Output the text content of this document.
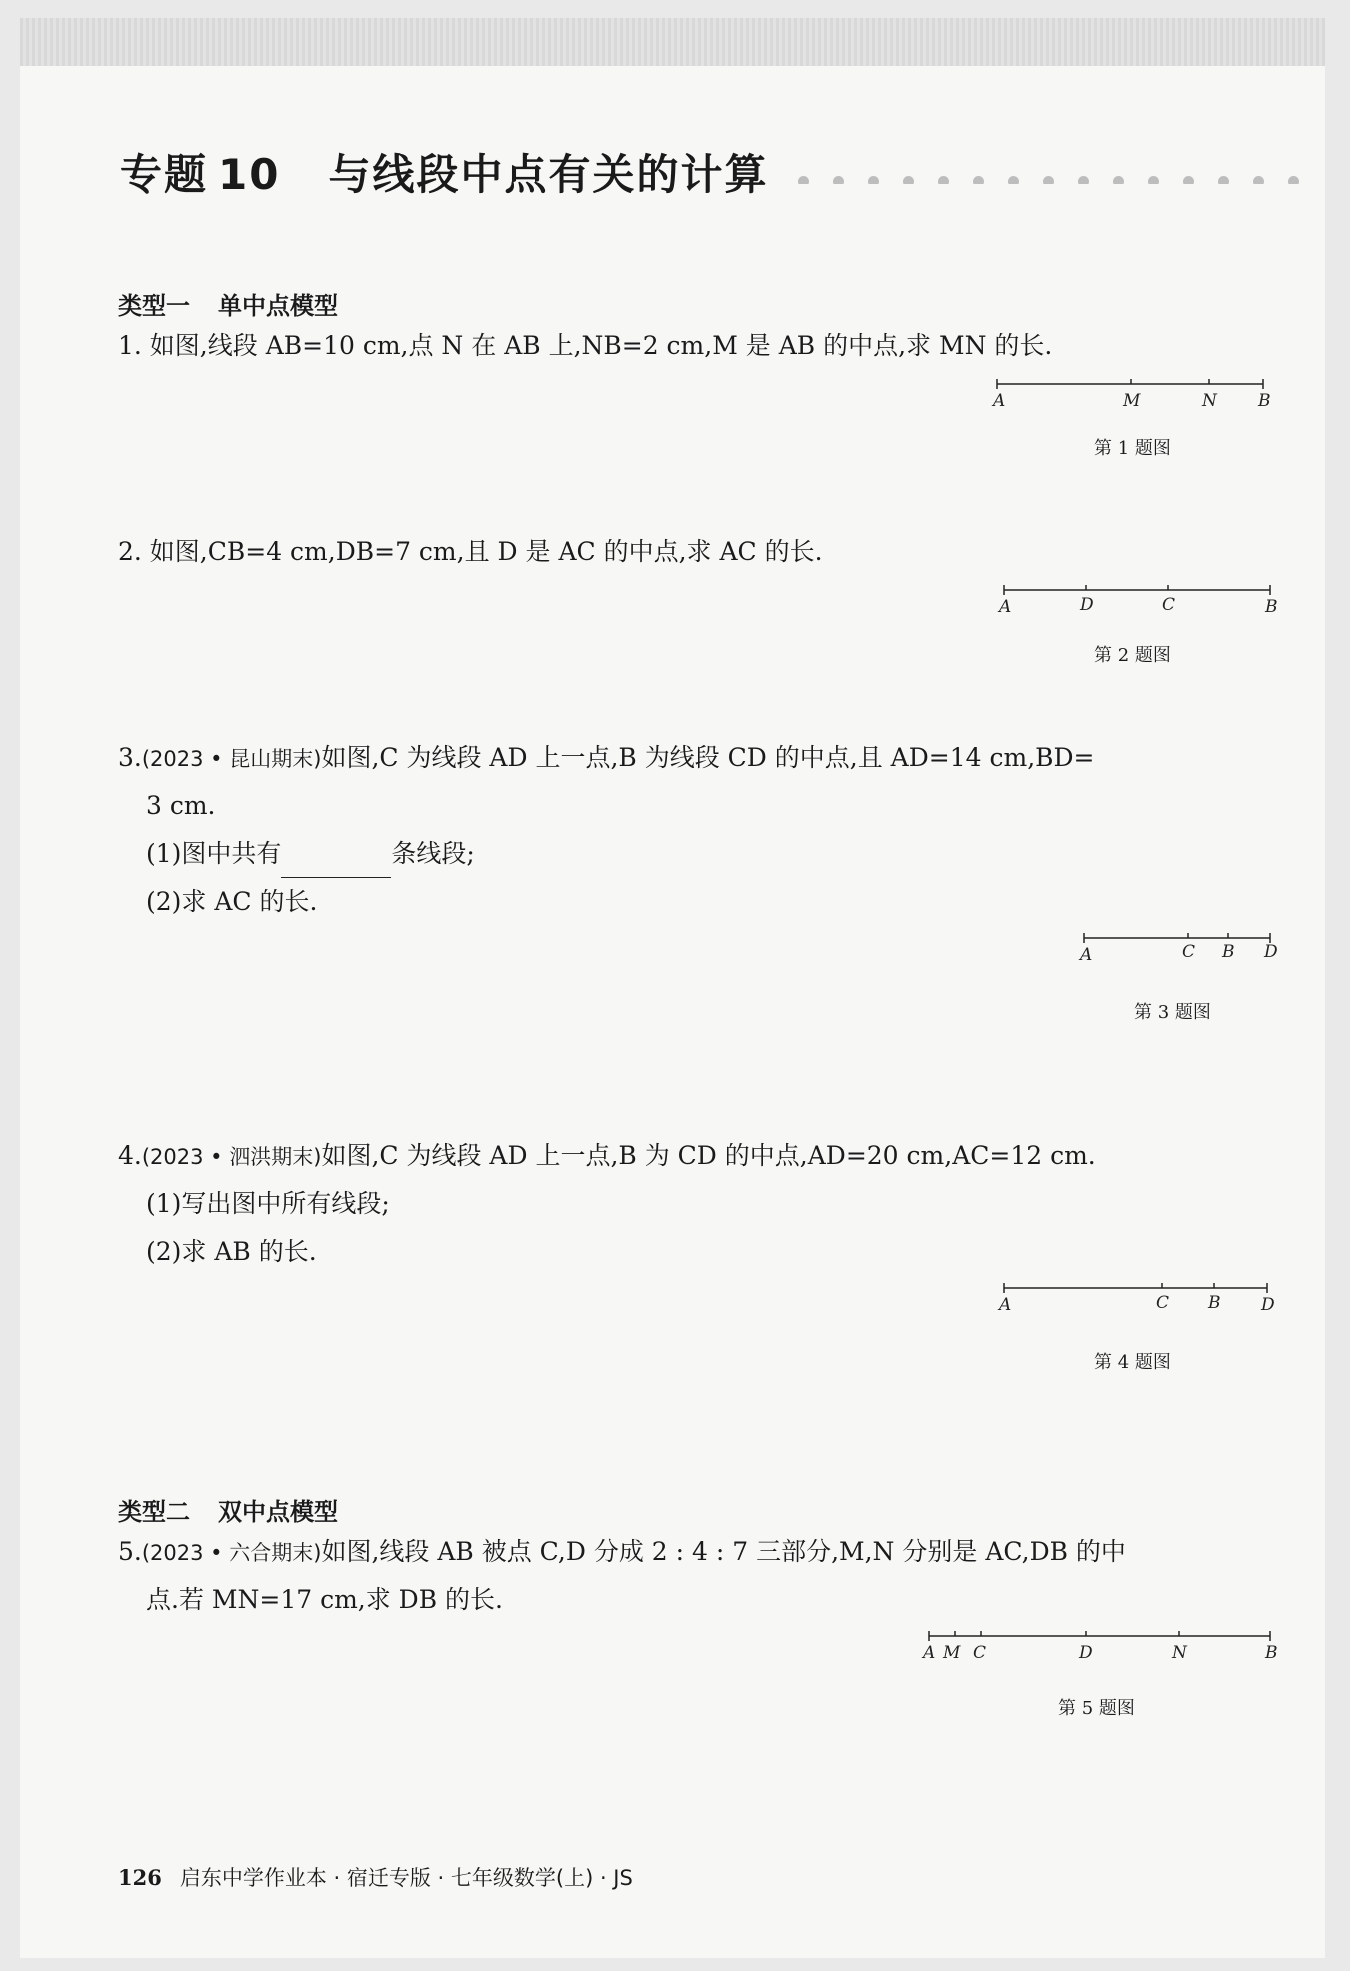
专题 10 与线段中点有关的计算
类型一 单中点模型
1. 如图,线段 AB=10 cm,点 N 在 AB 上,NB=2 cm,M 是 AB 的中点,求 MN 的长.
A	M	N B
第 1 题图
2. 如图,CB=4 cm,DB=7 cm,且 D 是 AC 的中点,求 AC 的长.
A	D	C	B
第 2 题图
3.(2023 • 昆山期末)如图,C 为线段 AD 上一点,B 为线段 CD 的中点,且 AD=14 cm,BD=
3 cm.
(1)图中共有	条线段;
(2)求 AC 的长.
A	C B D
第 3 题图
4.(2023 • 泗洪期末)如图,C 为线段 AD 上一点,B 为 CD 的中点,AD=20 cm,AC=12 cm.
(1)写出图中所有线段;
(2)求 AB 的长.
A	C B D
第 4 题图
类型二 双中点模型
5.(2023 • 六合期末)如图,线段 AB 被点 C,D 分成 2 : 4 : 7 三部分,M,N 分别是 AC,DB 的中
点.若 MN=17 cm,求 DB 的长.
A M C	D	N	B
第 5 题图
126 启东中学作业本 · 宿迁专版 · 七年级数学(上) · JS
